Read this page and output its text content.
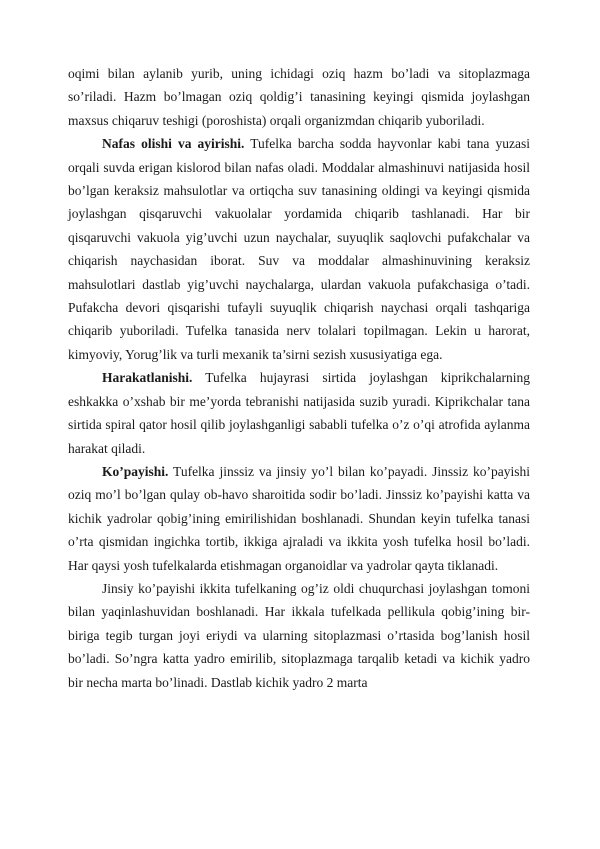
oqimi bilan aylanib yurib, uning ichidagi oziq hazm bo’ladi va sitoplazmaga so’riladi. Hazm bo’lmagan oziq qoldig’i tanasining keyingi qismida joylashgan maxsus chiqaruv teshigi (poroshista) orqali organizmdan chiqarib yuboriladi.

Nafas olishi va ayirishi. Tufelka barcha sodda hayvonlar kabi tana yuzasi orqali suvda erigan kislorod bilan nafas oladi. Moddalar almashinuvi natijasida hosil bo’lgan keraksiz mahsulotlar va ortiqcha suv tanasining oldingi va keyingi qismida joylashgan qisqaruvchi vakuolalar yordamida chiqarib tashlanadi. Har bir qisqaruvchi vakuola yig’uvchi uzun naychalar, suyuqlik saqlovchi pufakchalar va chiqarish naychasidan iborat. Suv va moddalar almashinuvining keraksiz mahsulotlari dastlab yig’uvchi naychalarga, ulardan vakuola pufakchasiga o’tadi. Pufakcha devori qisqarishi tufayli suyuqlik chiqarish naychasi orqali tashqariga chiqarib yuboriladi. Tufelka tanasida nerv tolalari topilmagan. Lekin u harorat, kimyoviy, Yorug’lik va turli mexanik ta’sirni sezish xususiyatiga ega.

Harakatlanishi. Tufelka hujayrasi sirtida joylashgan kiprikchalarning eshkakka o’xshab bir me’yorda tebranishi natijasida suzib yuradi. Kiprikchalar tana sirtida spiral qator hosil qilib joylashganligi sababli tufelka o’z o’qi atrofida aylanma harakat qiladi.

Ko’payishi. Tufelka jinssiz va jinsiy yo’l bilan ko’payadi. Jinssiz ko’payishi oziq mo’l bo’lgan qulay ob-havo sharoitida sodir bo’ladi. Jinssiz ko’payishi katta va kichik yadrolar qobig’ining emirilishidan boshlanadi. Shundan keyin tufelka tanasi o’rta qismidan ingichka tortib, ikkiga ajraladi va ikkita yosh tufelka hosil bo’ladi. Har qaysi yosh tufelkalarda etishmagan organoidlar va yadrolar qayta tiklanadi.

Jinsiy ko’payishi ikkita tufelkaning og’iz oldi chuqurchasi joylashgan tomoni bilan yaqinlashuvidan boshlanadi. Har ikkala tufelkada pellikula qobig’ining bir-biriga tegib turgan joyi eriydi va ularning sitoplazmasi o’rtasida bog’lanish hosil bo’ladi. So’ngra katta yadro emirilib, sitoplazmaga tarqalib ketadi va kichik yadro bir necha marta bo’linadi. Dastlab kichik yadro 2 marta
